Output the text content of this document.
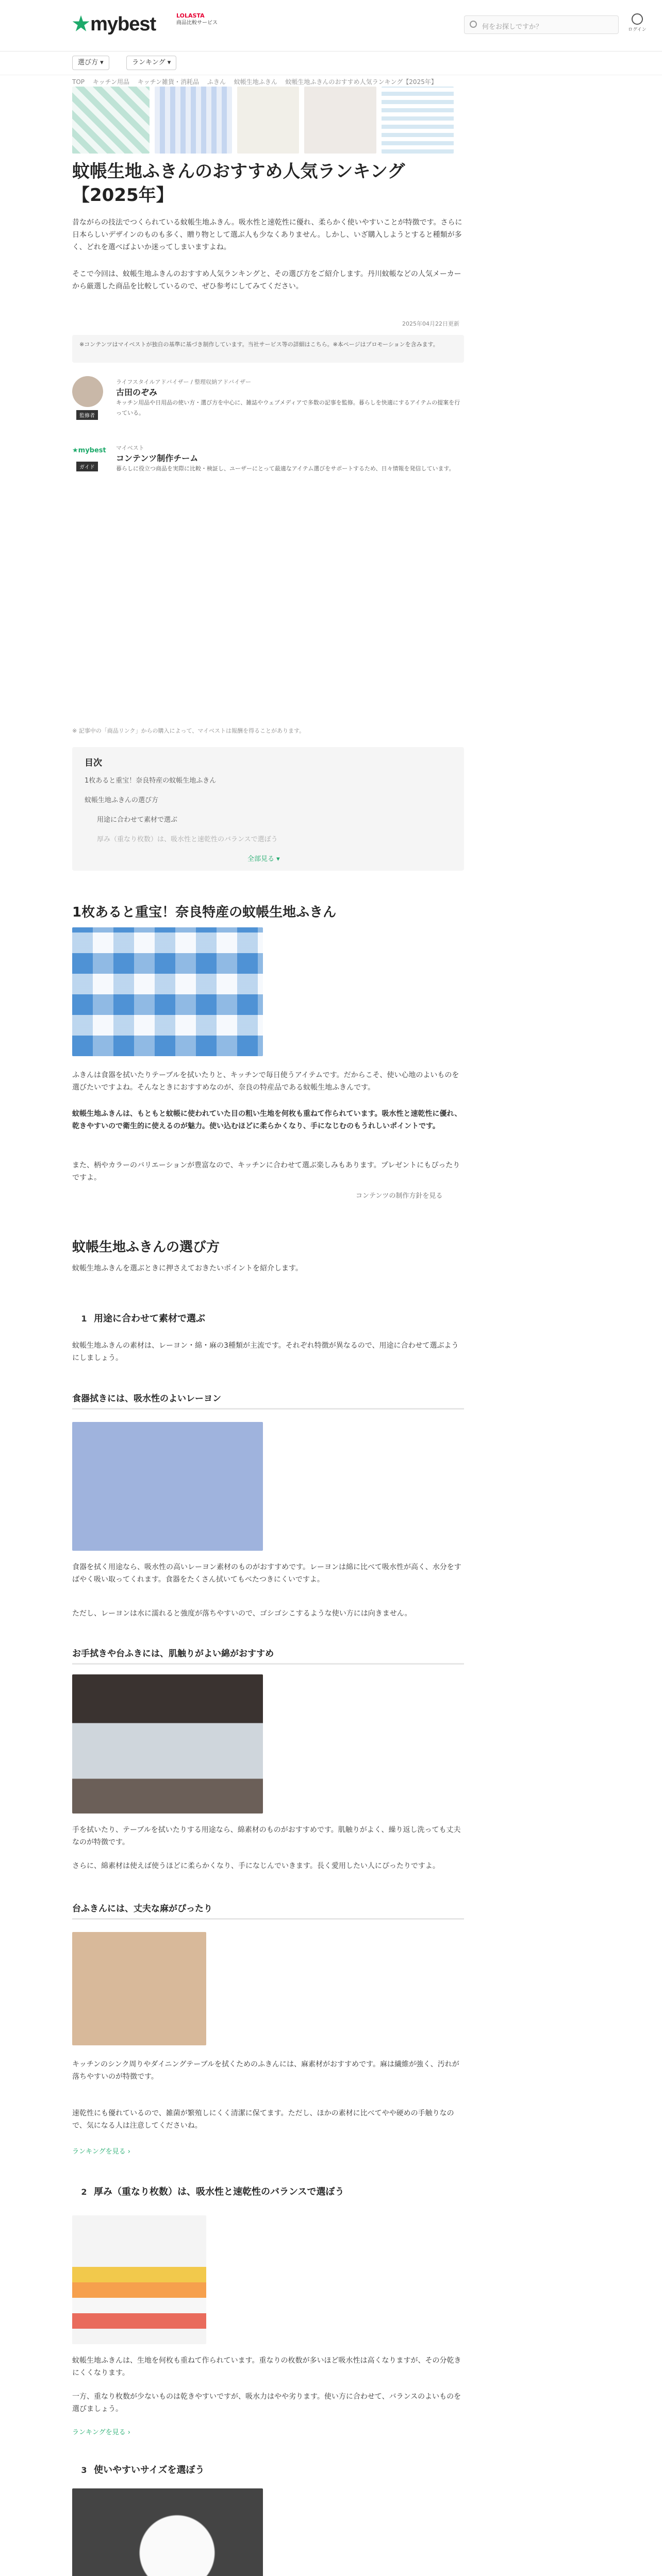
★mybest	LOLASTA
商品比較サービス
何をお探しですか？	ログイン
選び方 ▾	ランキング ▾
TOP キッチン用品 キッチン雑貨・消耗品 ふきん 蚊帳生地ふきん 蚊帳生地ふきんのおすすめ人気ランキング【2025年】
蚊帳生地ふきんのおすすめ人気ランキング【2025年】
昔ながらの技法でつくられている蚊帳生地ふきん。吸水性と速乾性に優れ、柔らかく使いやすいことが特徴です。さらに日本らしいデザインのものも多く、贈り物として選ぶ人も少なくありません。しかし、いざ購入しようとすると種類が多く、どれを選べばよいか迷ってしまいますよね。
そこで今回は、蚊帳生地ふきんのおすすめ人気ランキングと、その選び方をご紹介します。丹川蚊帳などの人気メーカーから厳選した商品を比較しているので、ぜひ参考にしてみてください。
2025年04月22日更新
※コンテンツはマイベストが独自の基準に基づき制作しています。当社サービス等の詳細はこちら。※本ページはプロモーションを含みます。
監修者
ライフスタイルアドバイザー / 整理収納アドバイザー
古田のぞみ
キッチン用品や日用品の使い方・選び方を中心に、雑誌やウェブメディアで多数の記事を監修。暮らしを快適にするアイテムの提案を行っている。
★mybest
ガイド
マイベスト
コンテンツ制作チーム
暮らしに役立つ商品を実際に比較・検証し、ユーザーにとって最適なアイテム選びをサポートするため、日々情報を発信しています。
※ 記事中の「商品リンク」からの購入によって、マイベストは報酬を得ることがあります。
目次
1枚あると重宝！奈良特産の蚊帳生地ふきん
蚊帳生地ふきんの選び方
用途に合わせて素材で選ぶ
厚み（重なり枚数）は、吸水性と速乾性のバランスで選ぼう
全部見る ▾
1枚あると重宝！奈良特産の蚊帳生地ふきん
ふきんは食器を拭いたりテーブルを拭いたりと、キッチンで毎日使うアイテムです。だからこそ、使い心地のよいものを選びたいですよね。そんなときにおすすめなのが、奈良の特産品である蚊帳生地ふきんです。
蚊帳生地ふきんは、もともと蚊帳に使われていた目の粗い生地を何枚も重ねて作られています。吸水性と速乾性に優れ、乾きやすいので衛生的に使えるのが魅力。使い込むほどに柔らかくなり、手になじむのもうれしいポイントです。
また、柄やカラーのバリエーションが豊富なので、キッチンに合わせて選ぶ楽しみもあります。プレゼントにもぴったりですよ。
コンテンツの制作方針を見る
蚊帳生地ふきんの選び方
蚊帳生地ふきんを選ぶときに押さえておきたいポイントを紹介します。
1 用途に合わせて素材で選ぶ
蚊帳生地ふきんの素材は、レーヨン・綿・麻の3種類が主流です。それぞれ特徴が異なるので、用途に合わせて選ぶようにしましょう。
食器拭きには、吸水性のよいレーヨン
食器を拭く用途なら、吸水性の高いレーヨン素材のものがおすすめです。レーヨンは綿に比べて吸水性が高く、水分をすばやく吸い取ってくれます。食器をたくさん拭いてもべたつきにくいですよ。
ただし、レーヨンは水に濡れると強度が落ちやすいので、ゴシゴシこするような使い方には向きません。
お手拭きや台ふきには、肌触りがよい綿がおすすめ
手を拭いたり、テーブルを拭いたりする用途なら、綿素材のものがおすすめです。肌触りがよく、繰り返し洗っても丈夫なのが特徴です。
さらに、綿素材は使えば使うほどに柔らかくなり、手になじんでいきます。長く愛用したい人にぴったりですよ。
台ふきんには、丈夫な麻がぴったり
キッチンのシンク周りやダイニングテーブルを拭くためのふきんには、麻素材がおすすめです。麻は繊維が強く、汚れが落ちやすいのが特徴です。
速乾性にも優れているので、雑菌が繁殖しにくく清潔に保てます。ただし、ほかの素材に比べてやや硬めの手触りなので、気になる人は注意してくださいね。
ランキングを見る ›
2 厚み（重なり枚数）は、吸水性と速乾性のバランスで選ぼう
蚊帳生地ふきんは、生地を何枚も重ねて作られています。重なりの枚数が多いほど吸水性は高くなりますが、その分乾きにくくなります。
一方、重なり枚数が少ないものは乾きやすいですが、吸水力はやや劣ります。使い方に合わせて、バランスのよいものを選びましょう。
ランキングを見る ›
3 使いやすいサイズを選ぼう
